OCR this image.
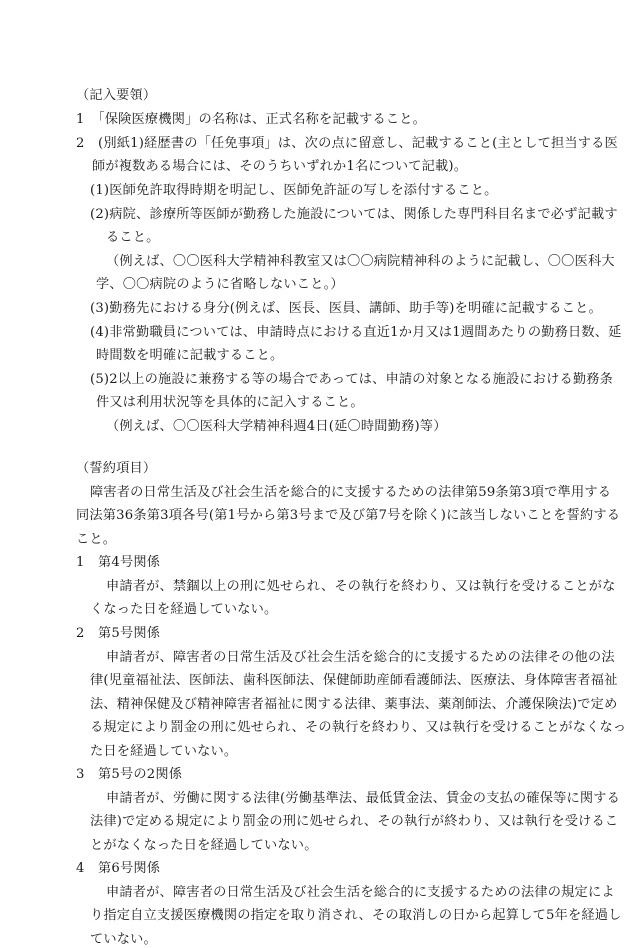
（記入要領）
1　「保険医療機関」の名称は、正式名称を記載すること。
2　(別紙1)経歴書の「任免事項」は、次の点に留意し、記載すること(主として担当する医
師が複数ある場合には、そのうちいずれか1名について記載)。
(1)医師免許取得時期を明記し、医師免許証の写しを添付すること。
(2)病院、診療所等医師が勤務した施設については、関係した専門科目名まで必ず記載す
ること。
（例えば、〇〇医科大学精神科教室又は〇〇病院精神科のように記載し、〇〇医科大
学、〇〇病院のように省略しないこと。）
(3)勤務先における身分(例えば、医長、医員、講師、助手等)を明確に記載すること。
(4)非常勤職員については、申請時点における直近1か月又は1週間あたりの勤務日数、延
時間数を明確に記載すること。
(5)2以上の施設に兼務する等の場合であっては、申請の対象となる施設における勤務条
件又は利用状況等を具体的に記入すること。
（例えば、〇〇医科大学精神科週4日(延〇時間勤務)等）
（誓約項目）
障害者の日常生活及び社会生活を総合的に支援するための法律第59条第3項で準用する
同法第36条第3項各号(第1号から第3号まで及び第7号を除く)に該当しないことを誓約する
こと。
1　第4号関係
申請者が、禁錮以上の刑に処せられ、その執行を終わり、又は執行を受けることがな
くなった日を経過していない。
2　第5号関係
申請者が、障害者の日常生活及び社会生活を総合的に支援するための法律その他の法
律(児童福祉法、医師法、歯科医師法、保健師助産師看護師法、医療法、身体障害者福祉
法、精神保健及び精神障害者福祉に関する法律、薬事法、薬剤師法、介護保険法)で定め
る規定により罰金の刑に処せられ、その執行を終わり、又は執行を受けることがなくなっ
た日を経過していない。
3　第5号の2関係
申請者が、労働に関する法律(労働基準法、最低賃金法、賃金の支払の確保等に関する
法律)で定める規定により罰金の刑に処せられ、その執行が終わり、又は執行を受けるこ
とがなくなった日を経過していない。
4　第6号関係
申請者が、障害者の日常生活及び社会生活を総合的に支援するための法律の規定によ
り指定自立支援医療機関の指定を取り消され、その取消しの日から起算して5年を経過し
ていない。
